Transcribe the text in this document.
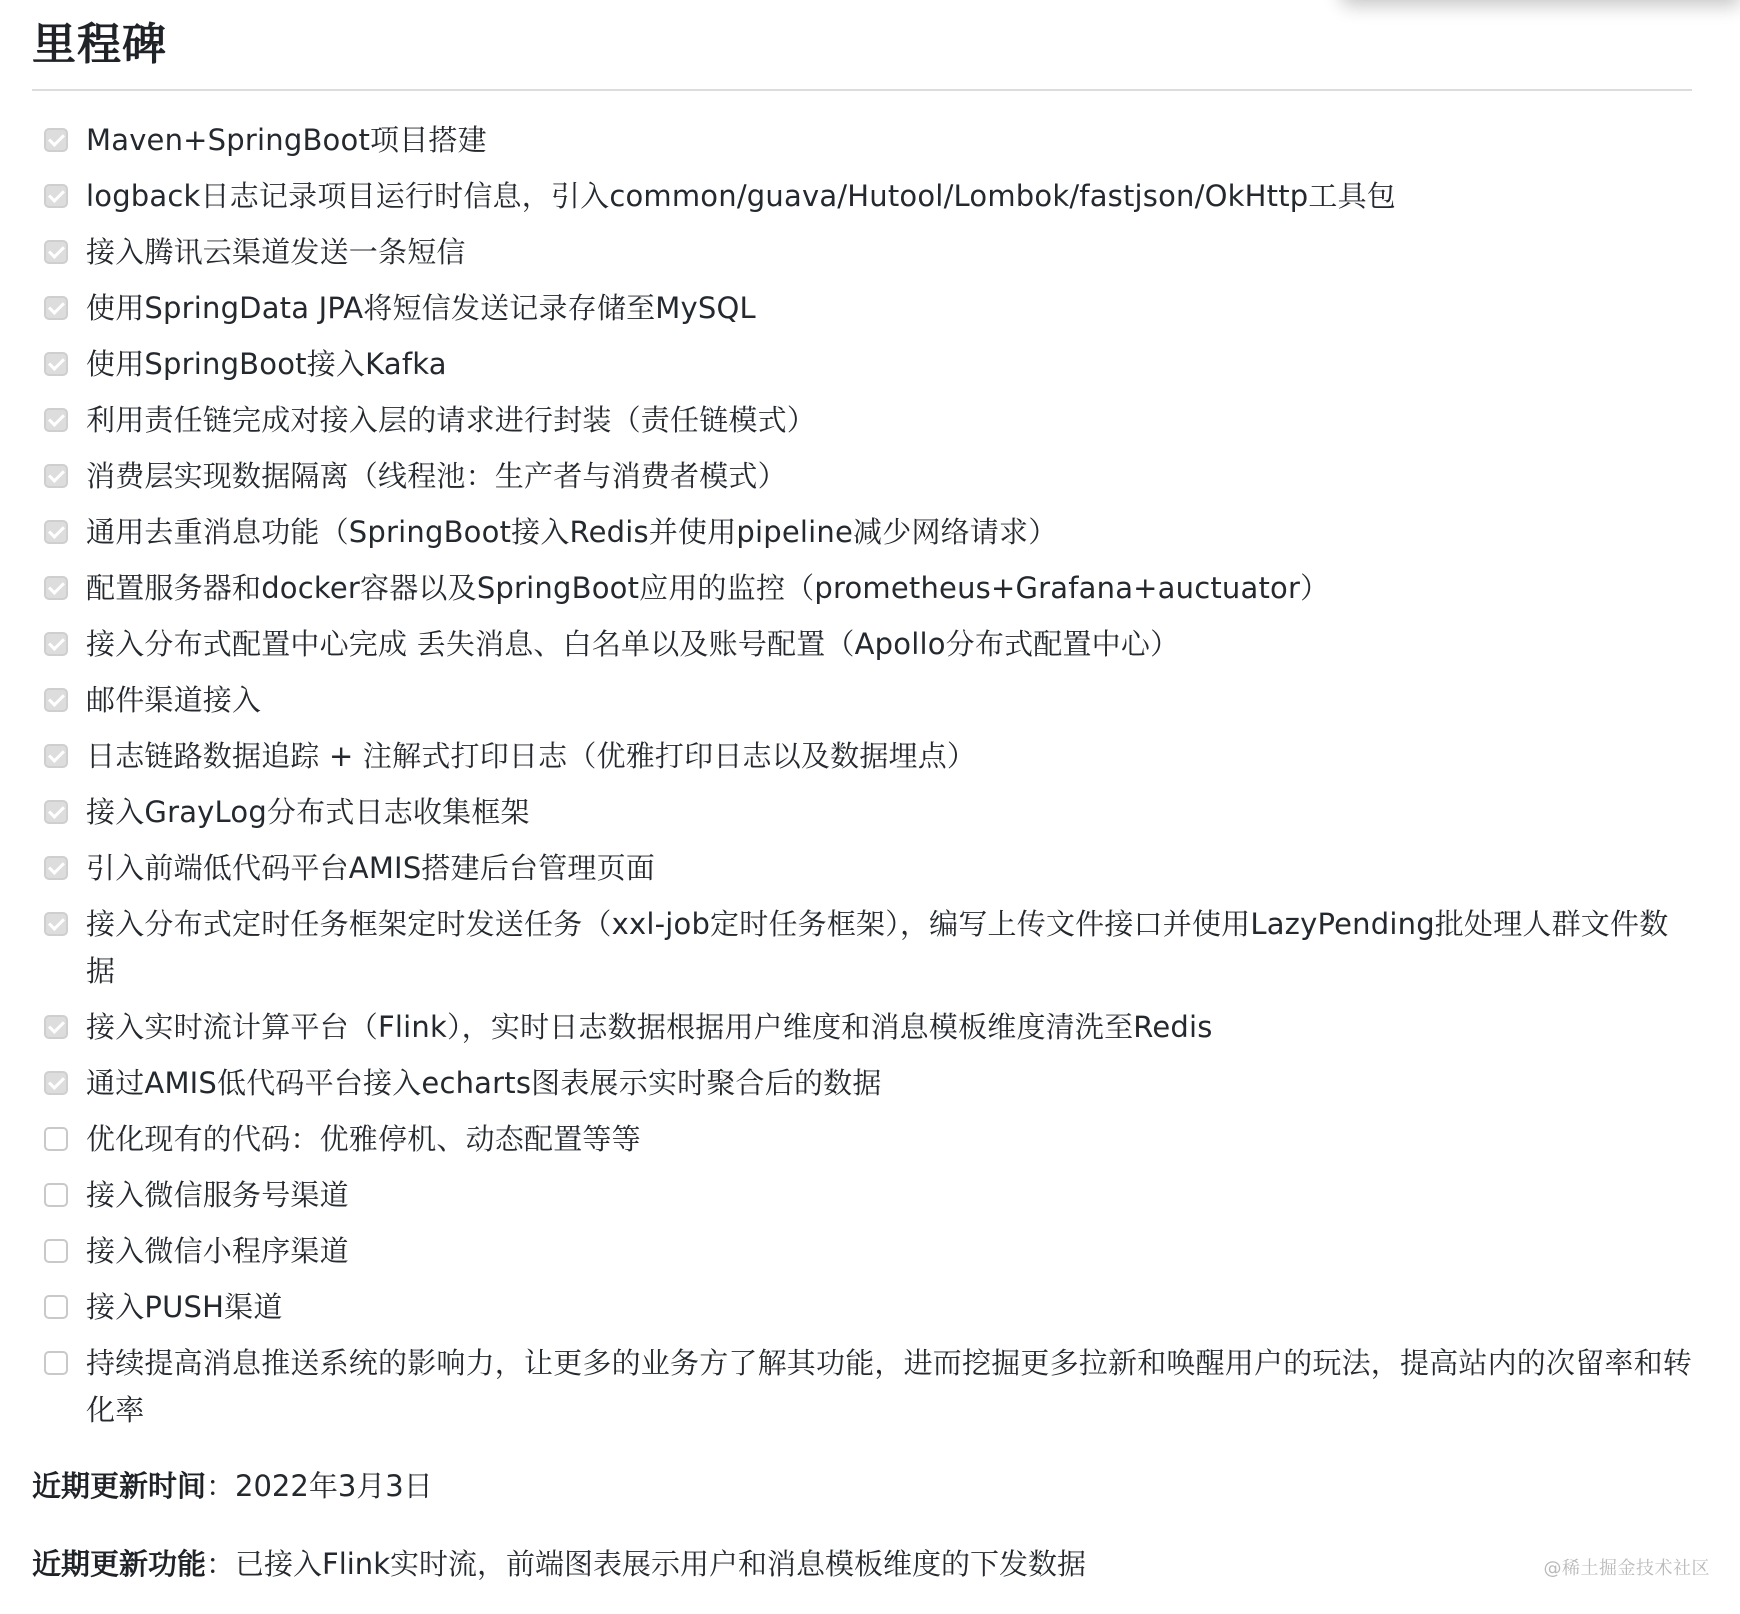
里程碑
Maven+SpringBoot项目搭建
logback日志记录项目运行时信息，引入common/guava/Hutool/Lombok/fastjson/OkHttp工具包
接入腾讯云渠道发送一条短信
使用SpringData JPA将短信发送记录存储至MySQL
使用SpringBoot接入Kafka
利用责任链完成对接入层的请求进行封装（责任链模式）
消费层实现数据隔离（线程池：生产者与消费者模式）
通用去重消息功能（SpringBoot接入Redis并使用pipeline减少网络请求）
配置服务器和docker容器以及SpringBoot应用的监控（prometheus+Grafana+auctuator）
接入分布式配置中心完成 丢失消息、白名单以及账号配置（Apollo分布式配置中心）
邮件渠道接入
日志链路数据追踪 + 注解式打印日志（优雅打印日志以及数据埋点）
接入GrayLog分布式日志收集框架
引入前端低代码平台AMIS搭建后台管理页面
接入分布式定时任务框架定时发送任务（xxl-job定时任务框架），编写上传文件接口并使用LazyPending批处理人群文件数据
接入实时流计算平台（Flink），实时日志数据根据用户维度和消息模板维度清洗至Redis
通过AMIS低代码平台接入echarts图表展示实时聚合后的数据
优化现有的代码：优雅停机、动态配置等等
接入微信服务号渠道
接入微信小程序渠道
接入PUSH渠道
持续提高消息推送系统的影响力，让更多的业务方了解其功能，进而挖掘更多拉新和唤醒用户的玩法，提高站内的次留率和转化率
近期更新时间：2022年3月3日
近期更新功能：已接入Flink实时流，前端图表展示用户和消息模板维度的下发数据	@稀土掘金技术社区
